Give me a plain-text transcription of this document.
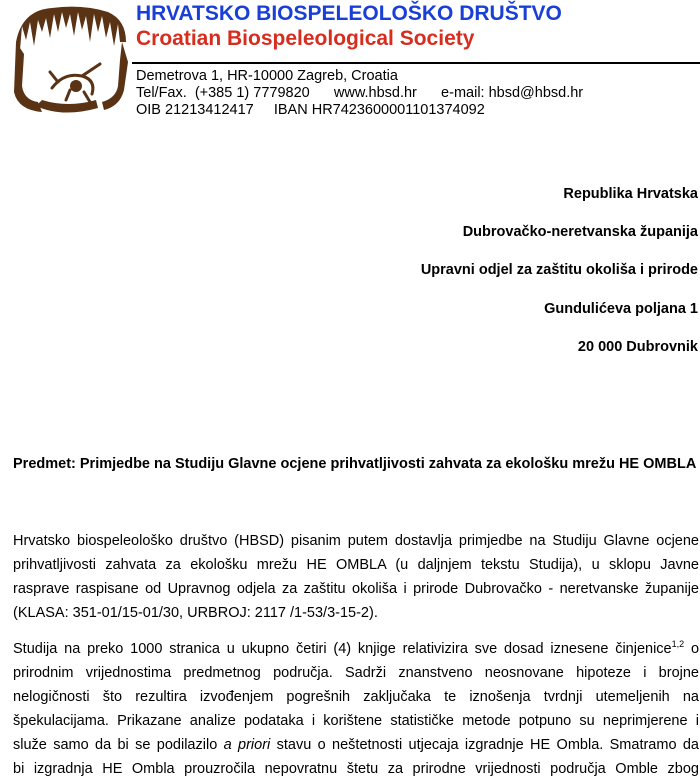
HRVATSKO BIOSPELEOLOŠKO DRUŠTVO
Croatian Biospeleological Society
Demetrova 1, HR-10000 Zagreb, Croatia
Tel/Fax.  (+385 1) 7779820      www.hbsd.hr      e-mail: hbsd@hbsd.hr
OIB 21213412417     IBAN HR7423600001101374092
Republika Hrvatska
Dubrovačko-neretvanska županija
Upravni odjel za zaštitu okoliša i prirode
Gundulićeva poljana 1
20 000 Dubrovnik
Predmet: Primjedbe na Studiju Glavne ocjene prihvatljivosti zahvata za ekološku mrežu HE OMBLA
Hrvatsko biospeleološko društvo (HBSD) pisanim putem dostavlja primjedbe na Studiju Glavne ocjene
prihvatljivosti zahvata za ekološku mrežu HE OMBLA (u daljnjem tekstu Studija), u sklopu Javne
rasprave raspisane od Upravnog odjela za zaštitu okoliša i prirode Dubrovačko - neretvanske županije
(KLASA: 351-01/15-01/30, URBROJ: 2117 /1-53/3-15-2).
Studija na preko 1000 stranica u ukupno četiri (4) knjige relativizira sve dosad iznesene činjenice$^{1,2}$ o
prirodnim vrijednostima predmetnog područja. Sadrži znanstveno neosnovane hipoteze i brojne
nelogičnosti što rezultira izvođenjem pogrešnih zaključaka te iznošenja tvrdnji utemeljenih na
špekulacijama. Prikazane analize podataka i korištene statističke metode potpuno su neprimjerene i
služe samo da bi se podilazilo a priori stavu o neštetnosti utjecaja izgradnje HE Ombla. Smatramo da
bi izgradnja HE Ombla prouzročila nepovratnu štetu za prirodne vrijednosti područja Omble zbog
